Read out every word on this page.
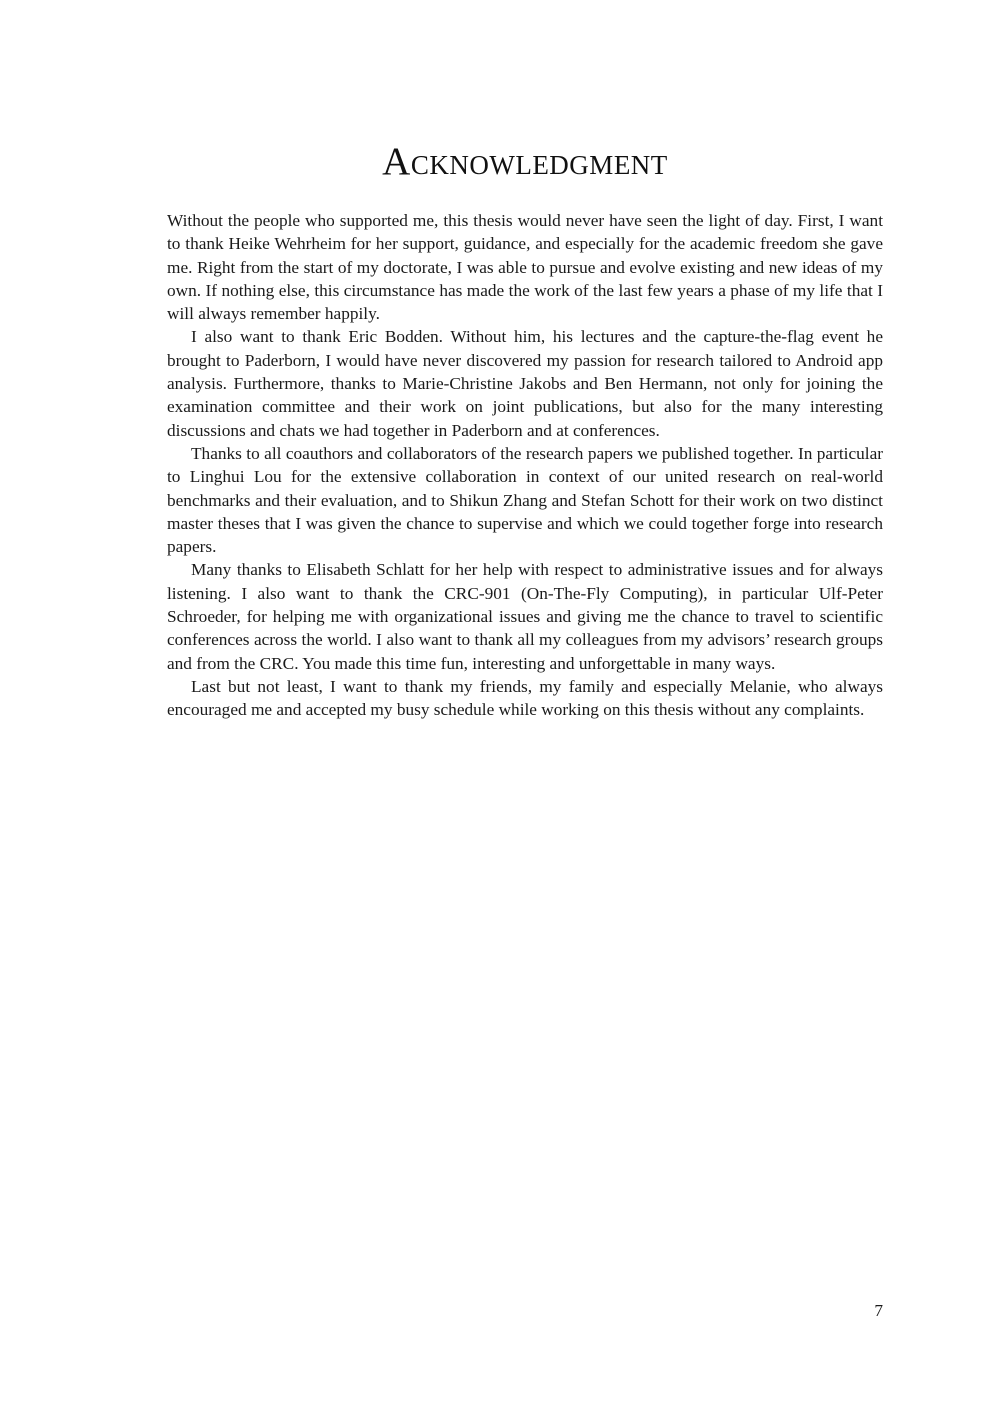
Acknowledgment

Without the people who supported me, this thesis would never have seen the light of day. First, I want to thank Heike Wehrheim for her support, guidance, and especially for the academic freedom she gave me. Right from the start of my doctorate, I was able to pursue and evolve existing and new ideas of my own. If nothing else, this circumstance has made the work of the last few years a phase of my life that I will always remember happily.

I also want to thank Eric Bodden. Without him, his lectures and the capture-the-flag event he brought to Paderborn, I would have never discovered my passion for research tailored to Android app analysis. Furthermore, thanks to Marie-Christine Jakobs and Ben Hermann, not only for joining the examination committee and their work on joint publications, but also for the many interesting discussions and chats we had together in Paderborn and at conferences.

Thanks to all coauthors and collaborators of the research papers we published together. In particular to Linghui Lou for the extensive collaboration in context of our united research on real-world benchmarks and their evaluation, and to Shikun Zhang and Stefan Schott for their work on two distinct master theses that I was given the chance to supervise and which we could together forge into research papers.

Many thanks to Elisabeth Schlatt for her help with respect to administrative issues and for always listening. I also want to thank the CRC-901 (On-The-Fly Computing), in particular Ulf-Peter Schroeder, for helping me with organizational issues and giving me the chance to travel to scientific conferences across the world. I also want to thank all my colleagues from my advisors’ research groups and from the CRC. You made this time fun, interesting and unforgettable in many ways.

Last but not least, I want to thank my friends, my family and especially Melanie, who always encouraged me and accepted my busy schedule while working on this thesis without any complaints.

7
